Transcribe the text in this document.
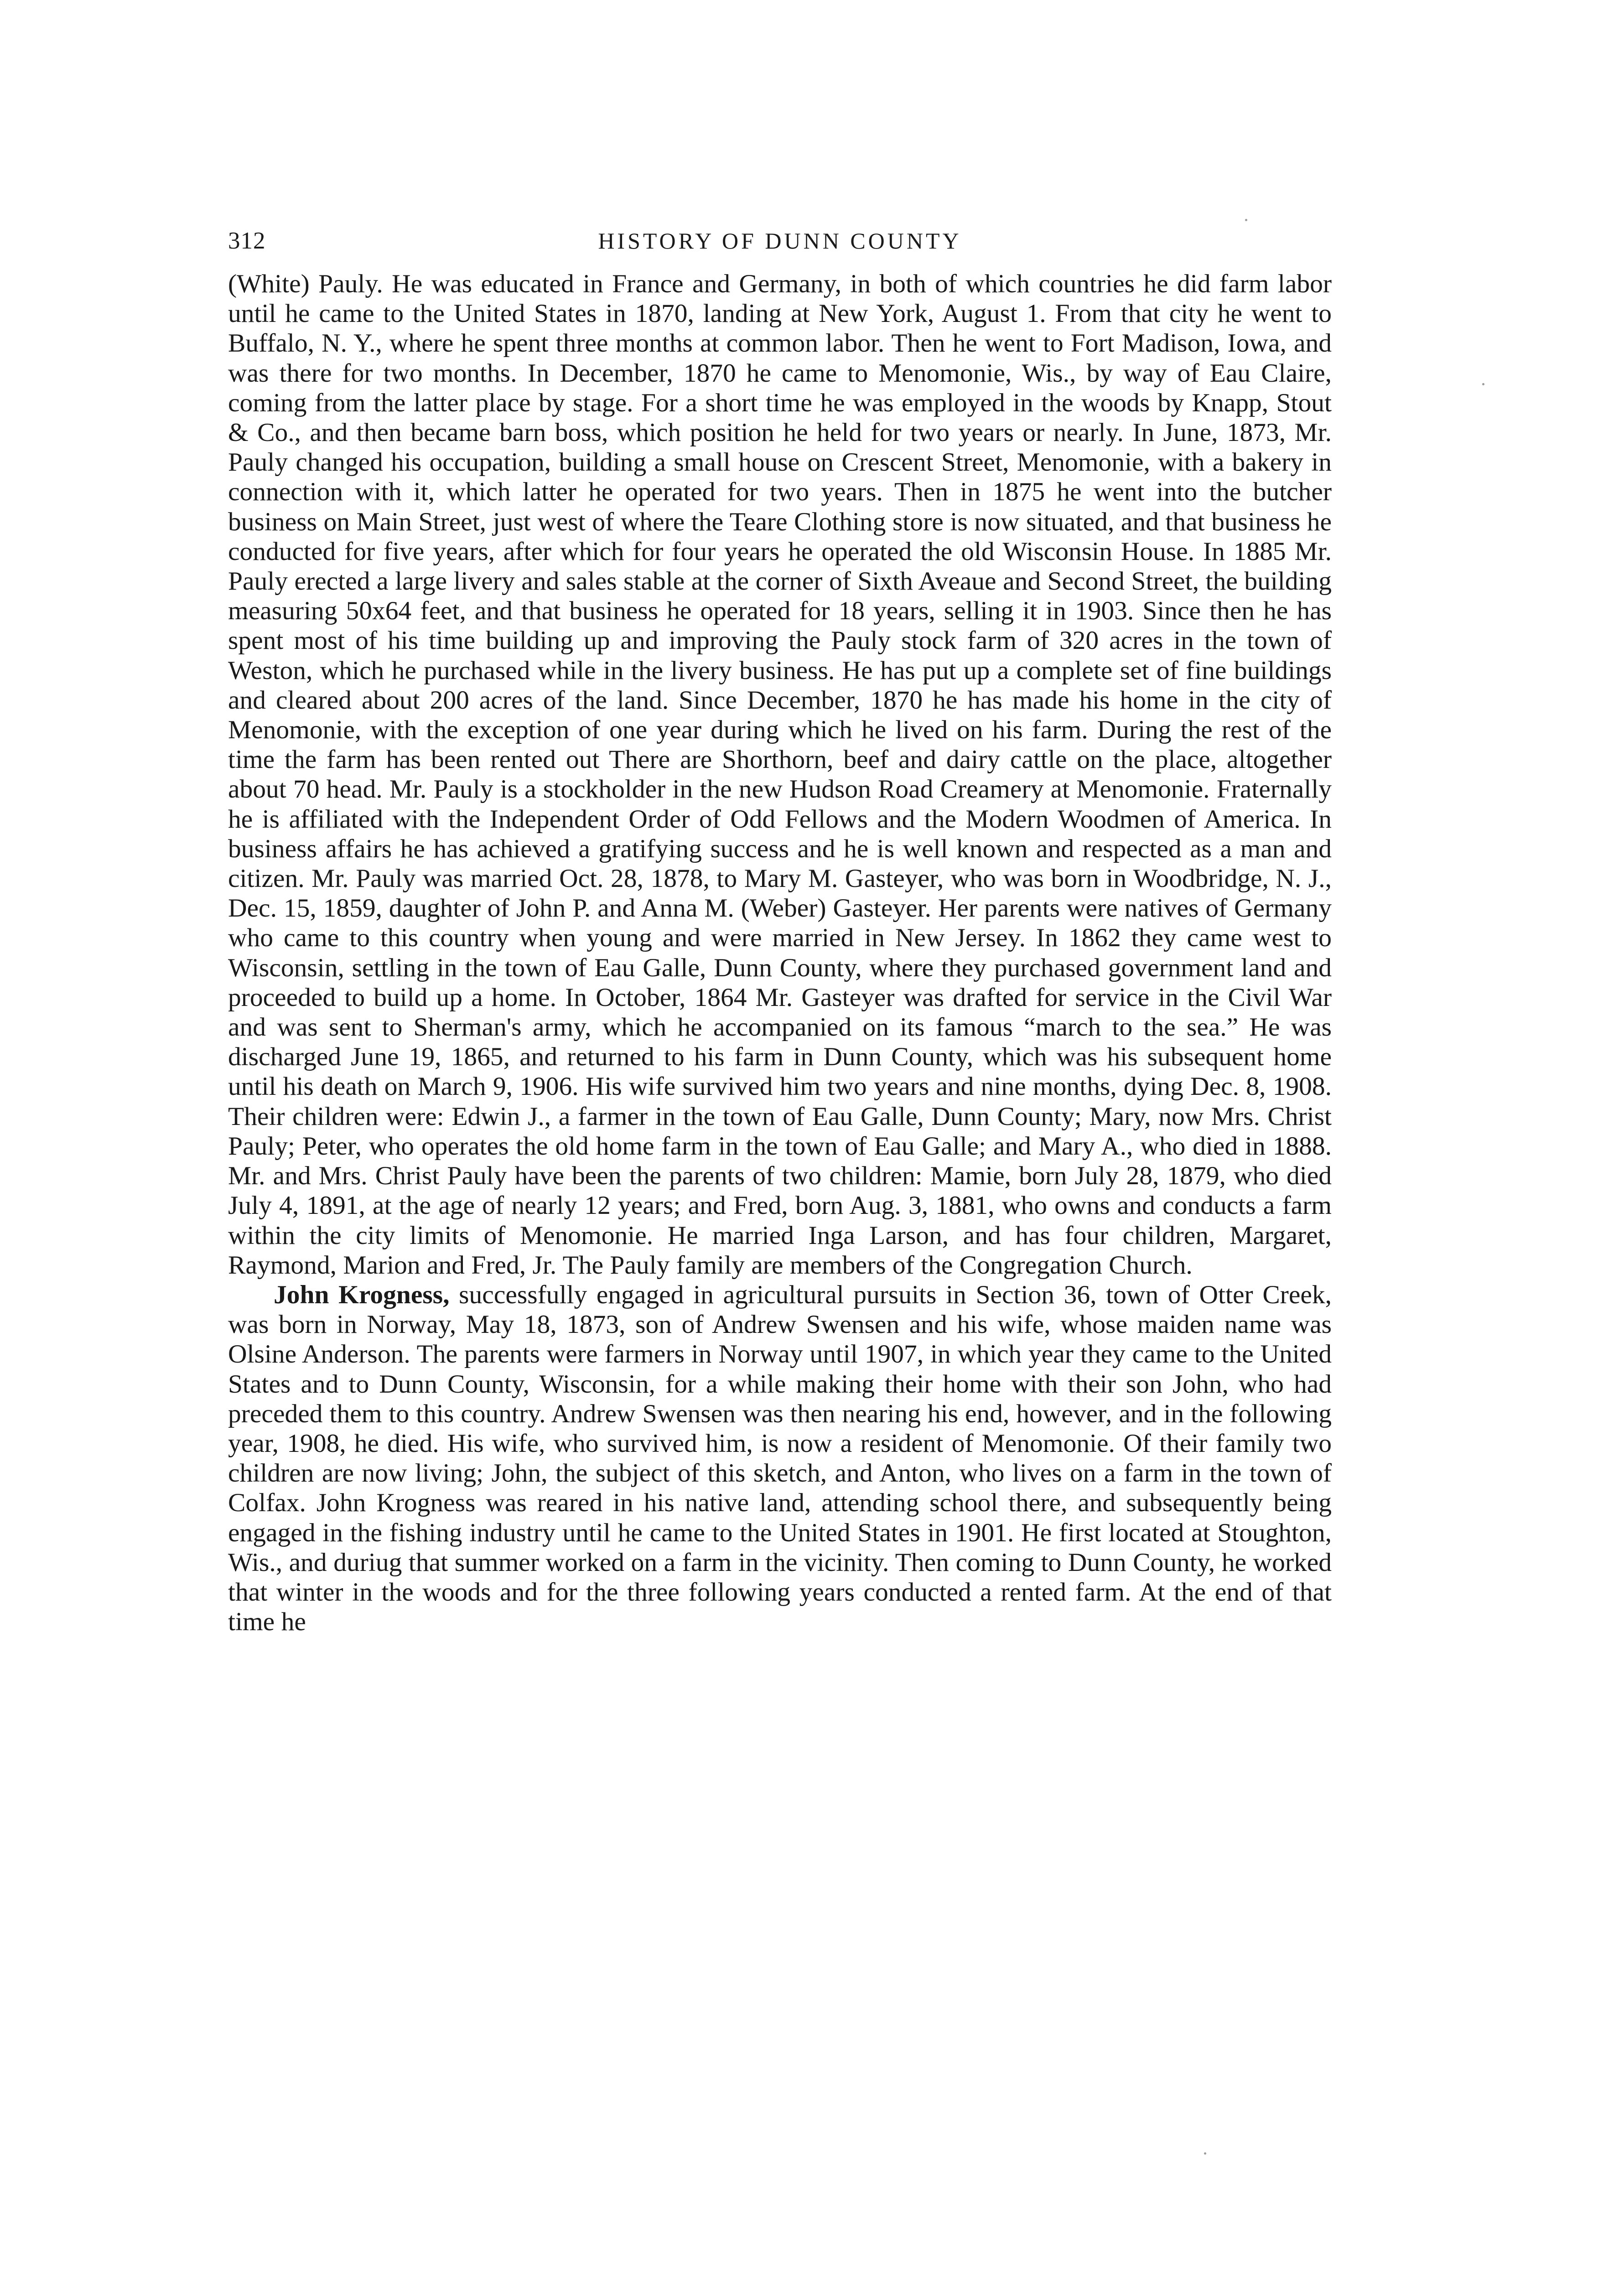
312	HISTORY OF DUNN COUNTY

(White) Pauly. He was educated in France and Germany, in both of which countries he did farm labor until he came to the United States in 1870, landing at New York, August 1. From that city he went to Buffalo, N. Y., where he spent three months at common labor. Then he went to Fort Madison, Iowa, and was there for two months. In December, 1870 he came to Menomonie, Wis., by way of Eau Claire, coming from the latter place by stage. For a short time he was employed in the woods by Knapp, Stout & Co., and then became barn boss, which position he held for two years or nearly. In June, 1873, Mr. Pauly changed his occupation, building a small house on Crescent Street, Menomonie, with a bakery in connection with it, which latter he operated for two years. Then in 1875 he went into the butcher business on Main Street, just west of where the Teare Clothing store is now situated, and that business he conducted for five years, after which for four years he operated the old Wisconsin House. In 1885 Mr. Pauly erected a large livery and sales stable at the corner of Sixth Aveaue and Second Street, the building measuring 50x64 feet, and that business he operated for 18 years, selling it in 1903. Since then he has spent most of his time building up and improving the Pauly stock farm of 320 acres in the town of Weston, which he purchased while in the livery business. He has put up a complete set of fine buildings and cleared about 200 acres of the land. Since December, 1870 he has made his home in the city of Menomonie, with the exception of one year during which he lived on his farm. During the rest of the time the farm has been rented out There are Shorthorn, beef and dairy cattle on the place, altogether about 70 head. Mr. Pauly is a stockholder in the new Hudson Road Creamery at Menomonie. Fraternally he is affiliated with the Independent Order of Odd Fellows and the Modern Woodmen of America. In business affairs he has achieved a gratifying success and he is well known and respected as a man and citizen. Mr. Pauly was married Oct. 28, 1878, to Mary M. Gasteyer, who was born in Woodbridge, N. J., Dec. 15, 1859, daughter of John P. and Anna M. (Weber) Gasteyer. Her parents were natives of Germany who came to this country when young and were married in New Jersey. In 1862 they came west to Wisconsin, settling in the town of Eau Galle, Dunn County, where they purchased government land and proceeded to build up a home. In October, 1864 Mr. Gasteyer was drafted for service in the Civil War and was sent to Sherman's army, which he accompanied on its famous “march to the sea.” He was discharged June 19, 1865, and returned to his farm in Dunn County, which was his subsequent home until his death on March 9, 1906. His wife survived him two years and nine months, dying Dec. 8, 1908. Their children were: Edwin J., a farmer in the town of Eau Galle, Dunn County; Mary, now Mrs. Christ Pauly; Peter, who operates the old home farm in the town of Eau Galle; and Mary A., who died in 1888. Mr. and Mrs. Christ Pauly have been the parents of two children: Mamie, born July 28, 1879, who died July 4, 1891, at the age of nearly 12 years; and Fred, born Aug. 3, 1881, who owns and conducts a farm within the city limits of Menomonie. He married Inga Larson, and has four children, Margaret, Raymond, Marion and Fred, Jr. The Pauly family are members of the Congregation Church.

John Krogness, successfully engaged in agricultural pursuits in Section 36, town of Otter Creek, was born in Norway, May 18, 1873, son of Andrew Swensen and his wife, whose maiden name was Olsine Anderson. The parents were farmers in Norway until 1907, in which year they came to the United States and to Dunn County, Wisconsin, for a while making their home with their son John, who had preceded them to this country. Andrew Swensen was then nearing his end, however, and in the following year, 1908, he died. His wife, who survived him, is now a resident of Menomonie. Of their family two children are now living; John, the subject of this sketch, and Anton, who lives on a farm in the town of Colfax. John Krogness was reared in his native land, attending school there, and subsequently being engaged in the fishing industry until he came to the United States in 1901. He first located at Stoughton, Wis., and duriug that summer worked on a farm in the vicinity. Then coming to Dunn County, he worked that winter in the woods and for the three following years conducted a rented farm. At the end of that time he
